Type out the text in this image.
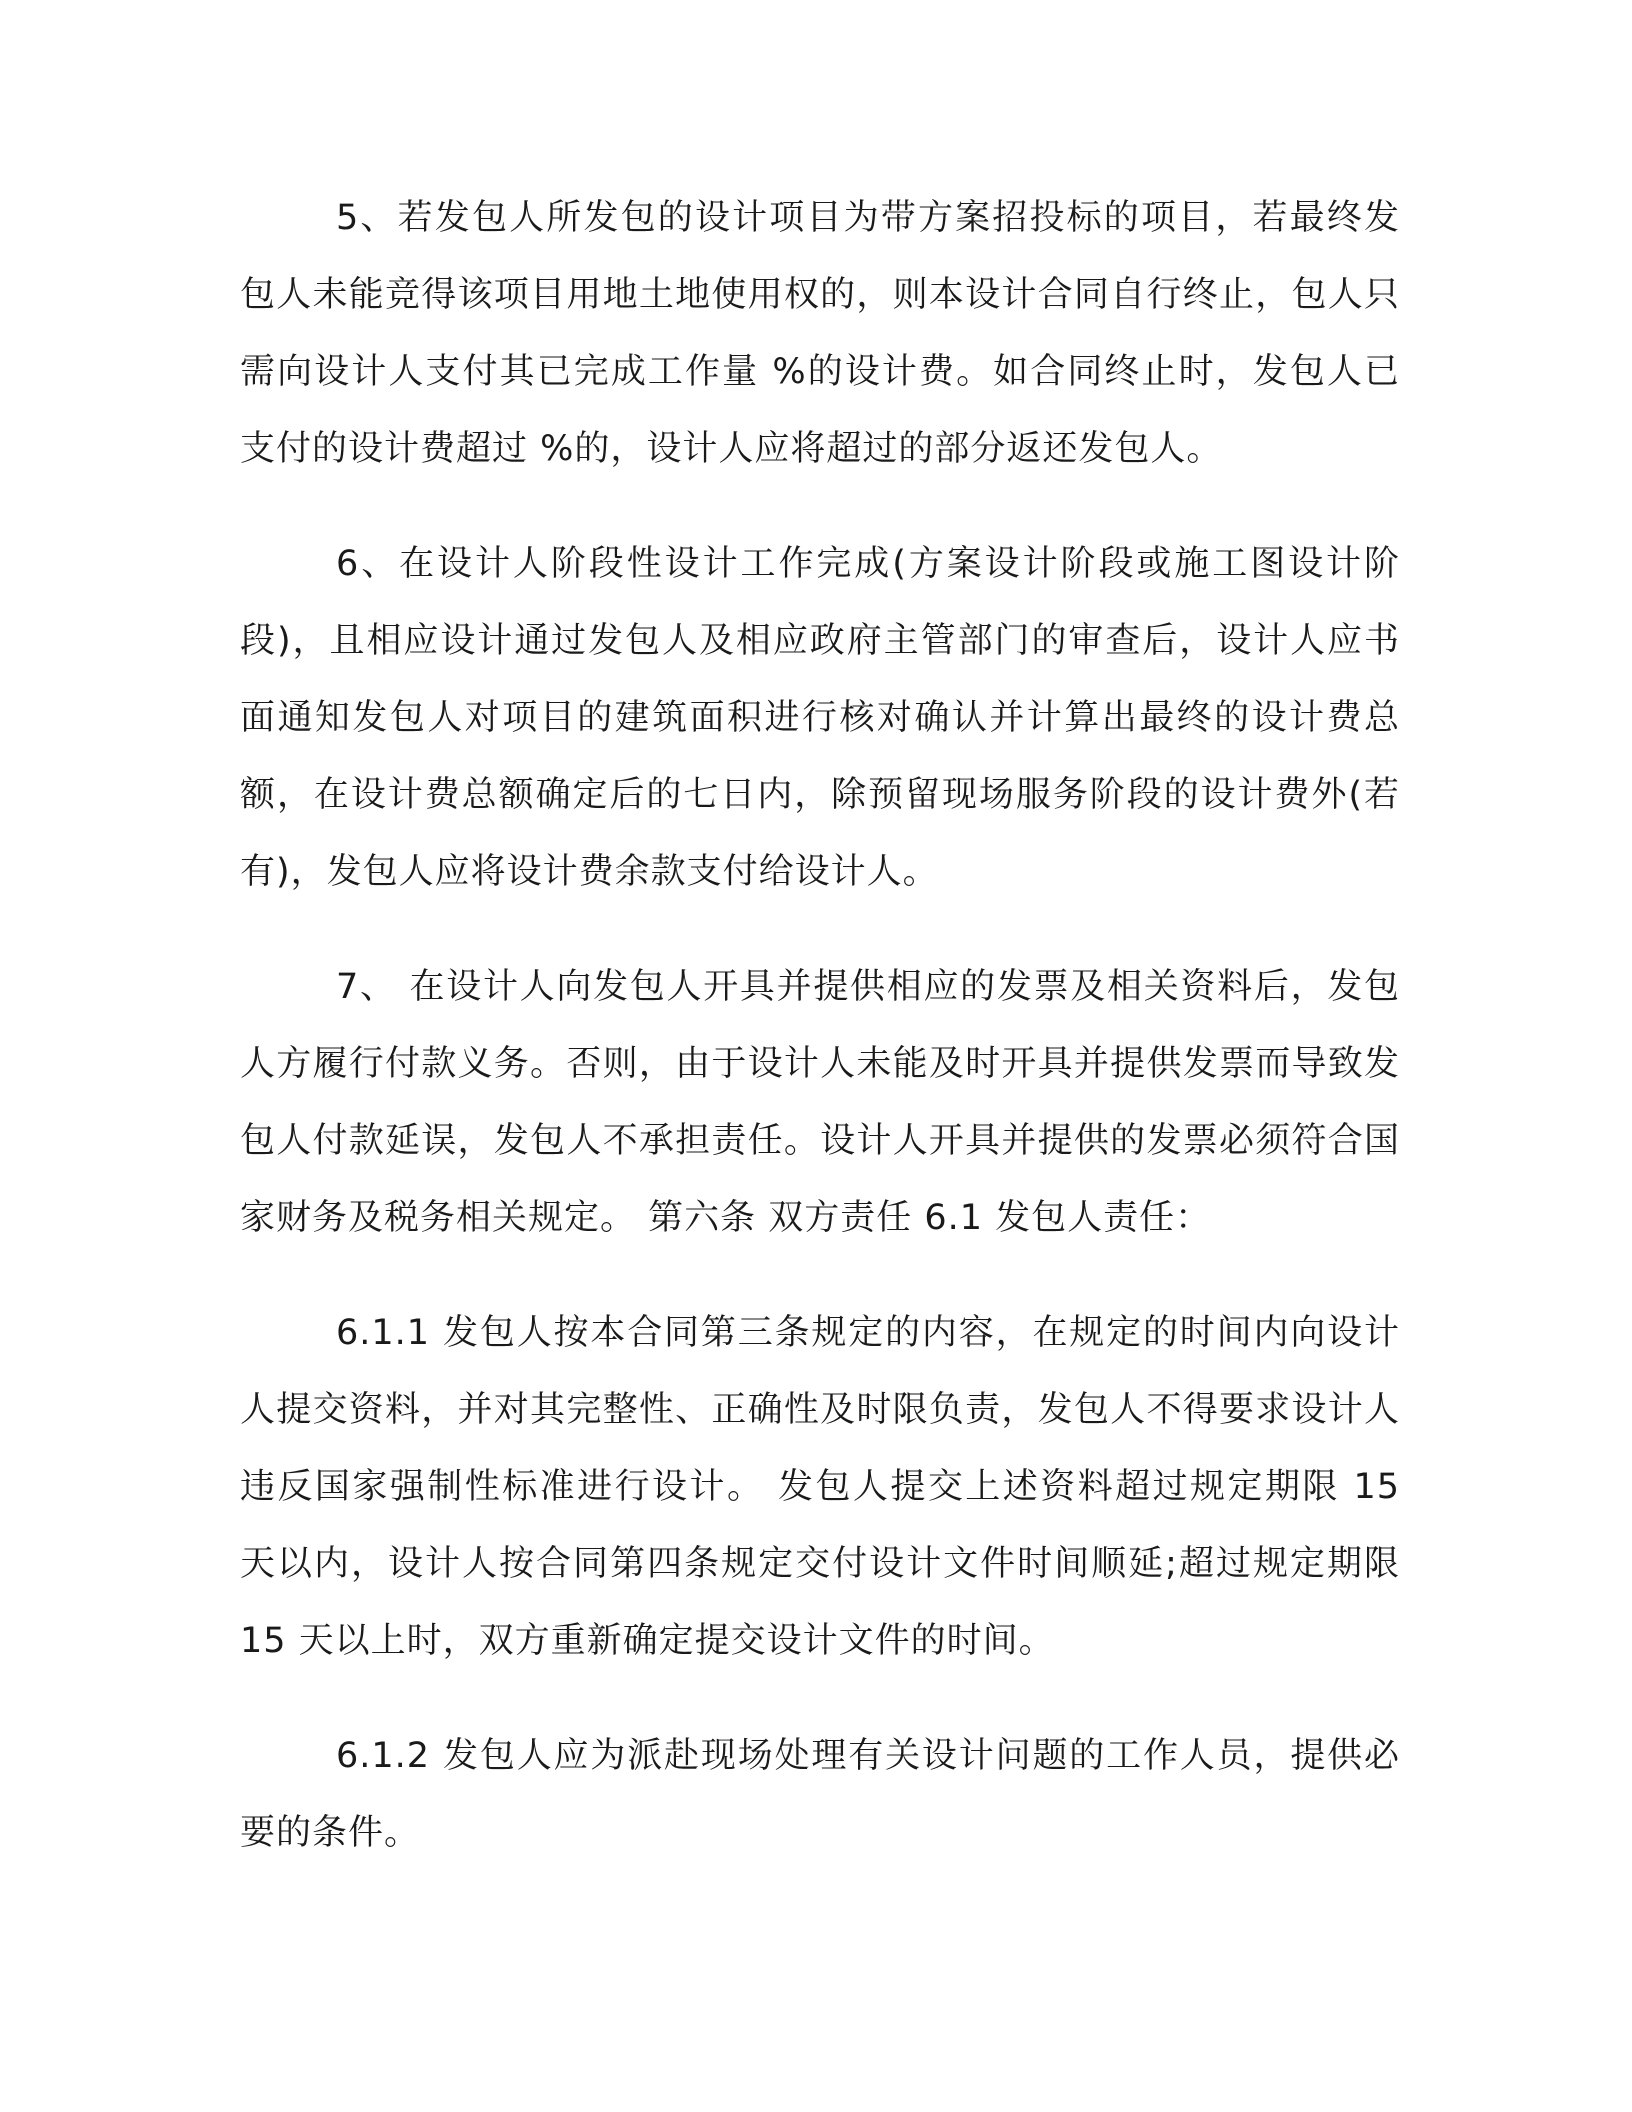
5、若发包人所发包的设计项目为带方案招投标的项目，若最终发包人未能竞得该项目用地土地使用权的，则本设计合同自行终止，包人只需向设计人支付其已完成工作量 %的设计费。如合同终止时，发包人已支付的设计费超过 %的，设计人应将超过的部分返还发包人。

6、在设计人阶段性设计工作完成(方案设计阶段或施工图设计阶段)，且相应设计通过发包人及相应政府主管部门的审查后，设计人应书面通知发包人对项目的建筑面积进行核对确认并计算出最终的设计费总额，在设计费总额确定后的七日内，除预留现场服务阶段的设计费外(若有)，发包人应将设计费余款支付给设计人。

7、 在设计人向发包人开具并提供相应的发票及相关资料后，发包人方履行付款义务。否则，由于设计人未能及时开具并提供发票而导致发包人付款延误，发包人不承担责任。设计人开具并提供的发票必须符合国家财务及税务相关规定。 第六条 双方责任 6.1 发包人责任：

6.1.1 发包人按本合同第三条规定的内容，在规定的时间内向设计人提交资料，并对其完整性、正确性及时限负责，发包人不得要求设计人违反国家强制性标准进行设计。 发包人提交上述资料超过规定期限 15 天以内，设计人按合同第四条规定交付设计文件时间顺延;超过规定期限 15 天以上时，双方重新确定提交设计文件的时间。

6.1.2 发包人应为派赴现场处理有关设计问题的工作人员，提供必要的条件。
